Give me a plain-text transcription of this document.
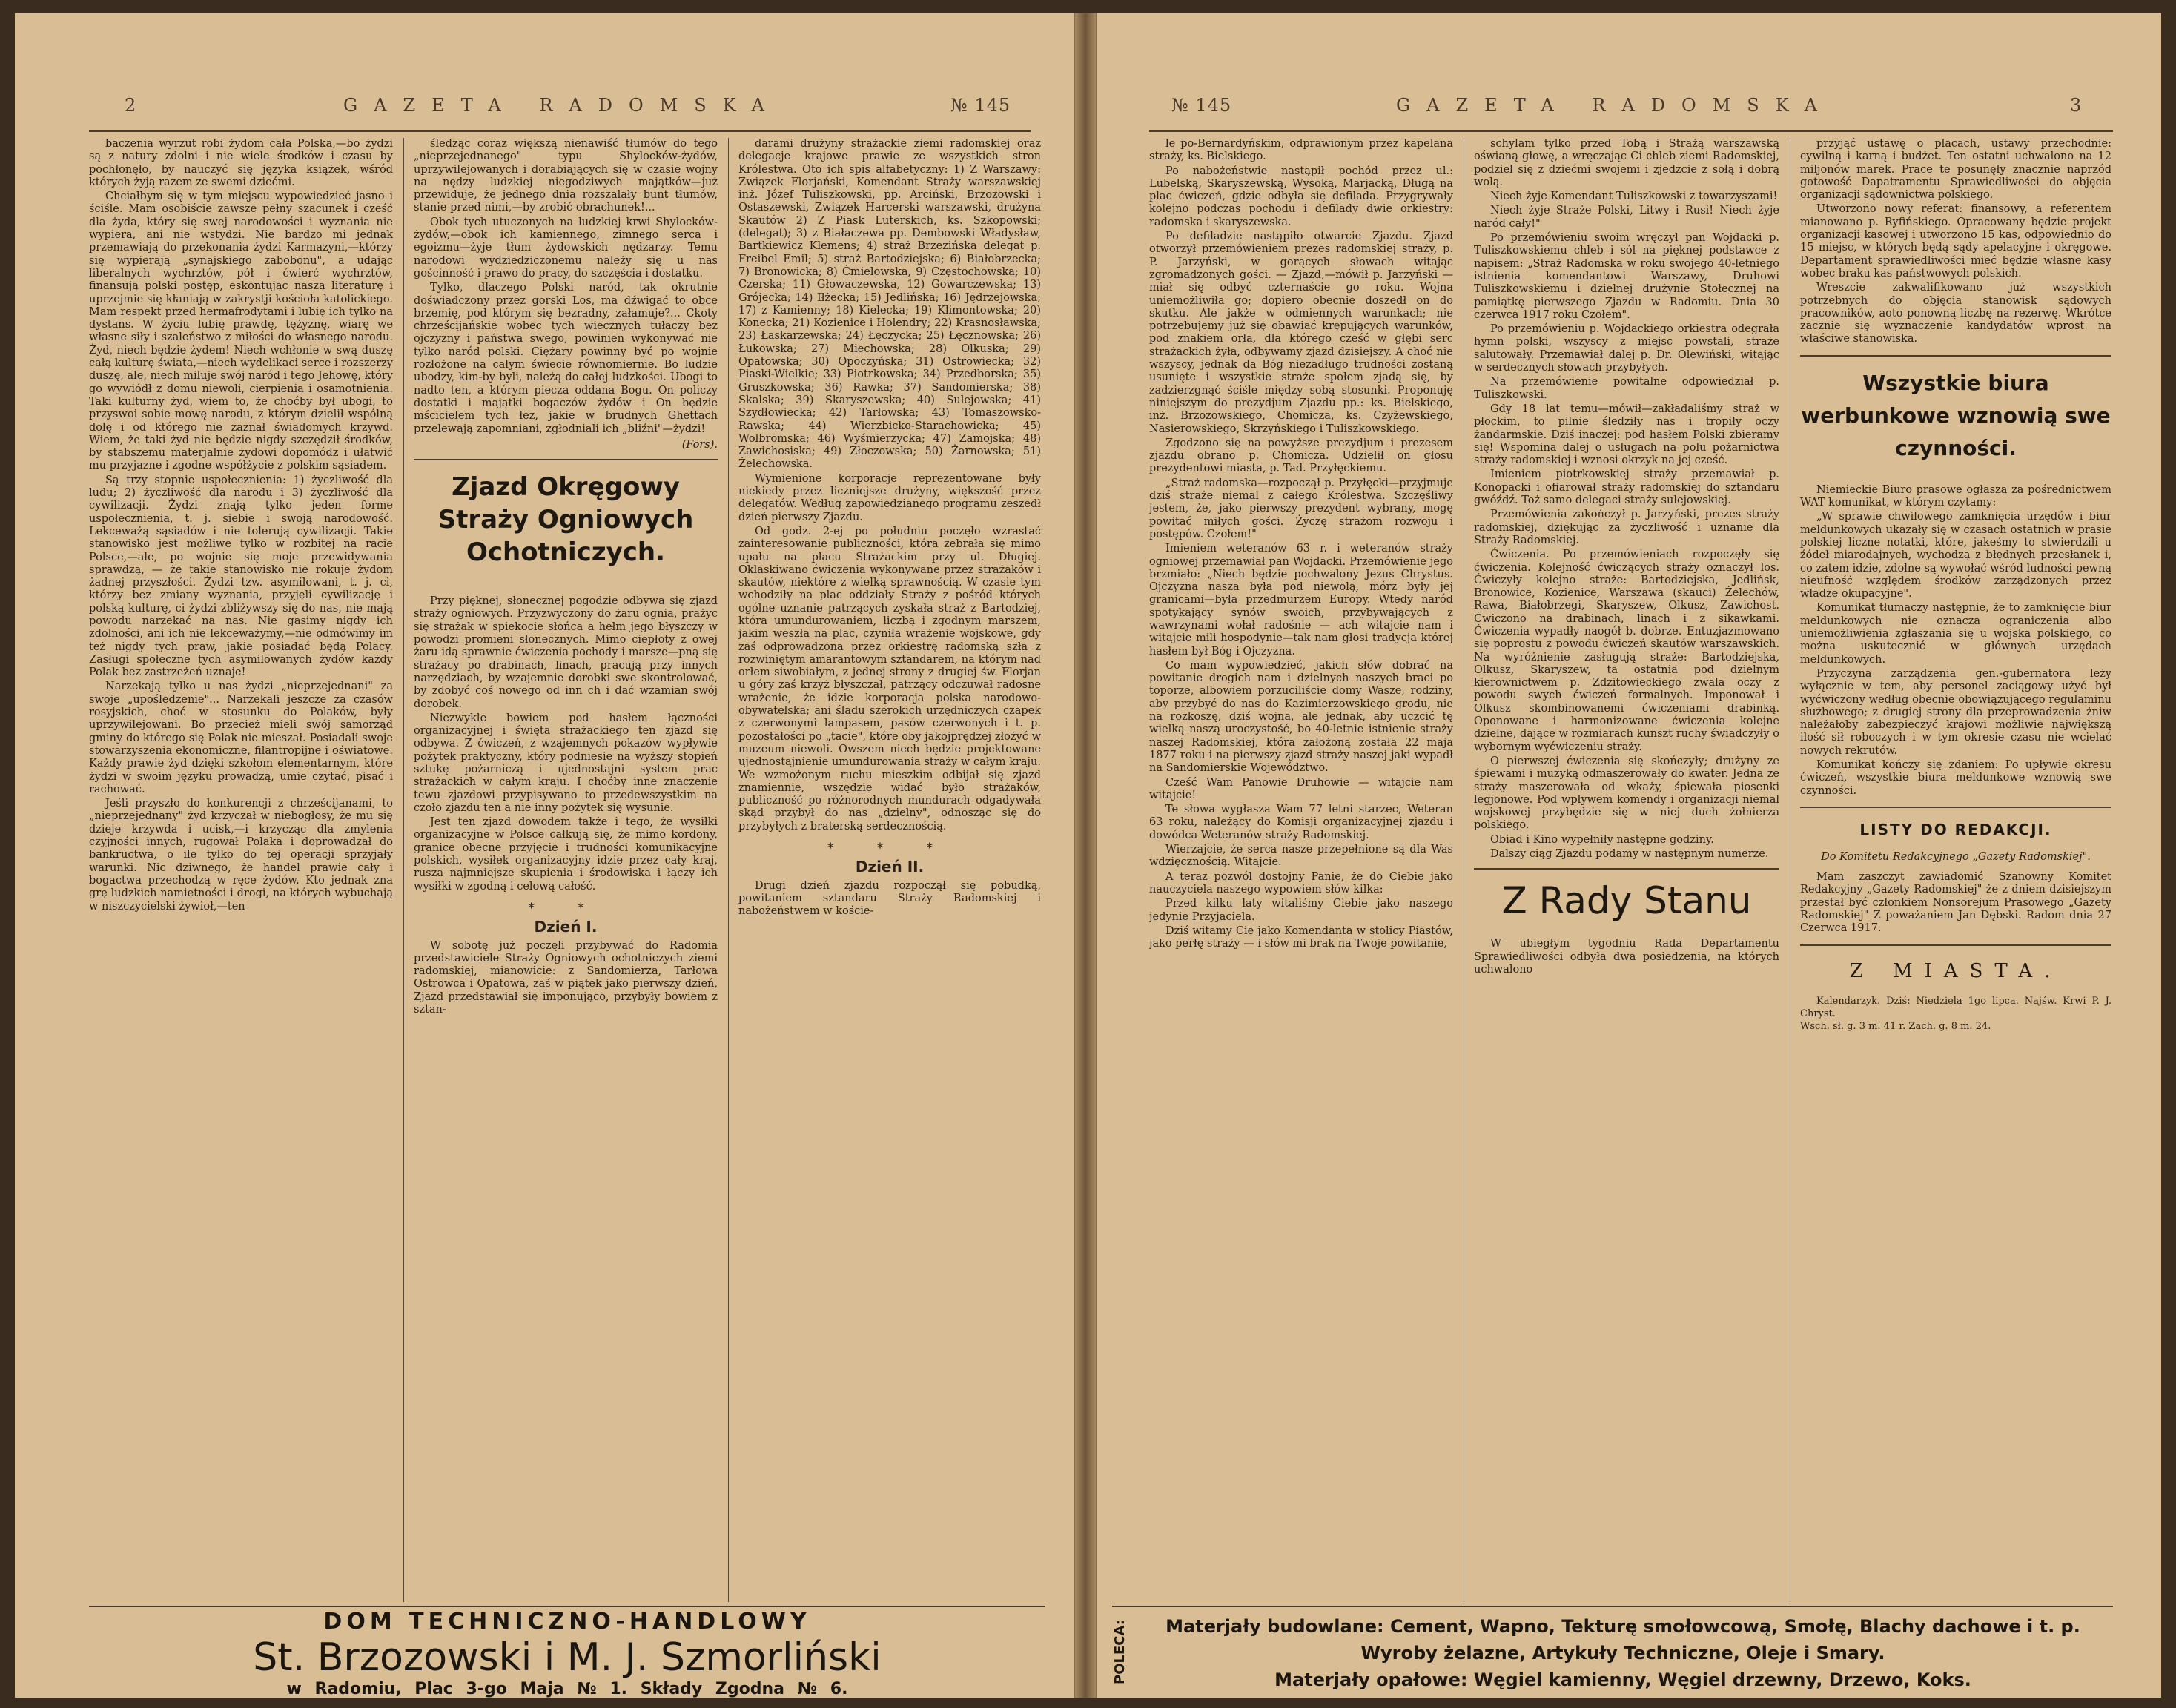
2	GAZETA RADOMSKA	№ 145

baczenia wyrzut robi żydom cała Polska,—bo żydzi są z natury zdolni i nie wiele środków i czasu by pochłonęło, by nauczyć się języka książek, wśród których żyją razem ze swemi dziećmi.

Chciałbym się w tym miejscu wypowiedzieć jasno i ściśle. Mam osobiście zawsze pełny szacunek i cześć dla żyda, który się swej narodowości i wyznania nie wypiera, ani nie wstydzi. Nie bardzo mi jednak przemawiają do przekonania żydzi Karmazyni,—którzy się wypierają „synajskiego zabobonu", a udając liberalnych wychrztów, pół i ćwierć wychrztów, finansują polski postęp, eskontując naszą literaturę i uprzejmie się kłaniają w zakrystji kościoła katolickiego. Mam respekt przed hermafrodytami i lubię ich tylko na dystans. W życiu lubię prawdę, tężyznę, wiarę we własne siły i szaleństwo z miłości do własnego narodu. Żyd, niech będzie żydem! Niech wchłonie w swą duszę całą kulturę świata,—niech wydelikaci serce i rozszerzy duszę, ale, niech miluje swój naród i tego Jehowę, który go wywiódł z domu niewoli, cierpienia i osamotnienia. Taki kulturny żyd, wiem to, że choćby był ubogi, to przyswoi sobie mowę narodu, z którym dzielił wspólną dolę i od którego nie zaznał świadomych krzywd. Wiem, że taki żyd nie będzie nigdy szczędził środków, by stabszemu materjalnie żydowi dopomódz i ułatwić mu przyjazne i zgodne współżycie z polskim sąsiadem.

Są trzy stopnie uspołecznienia: 1) życzliwość dla ludu; 2) życzliwość dla narodu i 3) życzliwość dla cywilizacji. Żydzi znają tylko jeden forme uspołecznienia, t. j. siebie i swoją narodowość. Lekceważą sąsiadów i nie tolerują cywilizacji. Takie stanowisko jest możliwe tylko w rozbitej na racie Polsce,—ale, po wojnie się moje przewidywania sprawdzą, — że takie stanowisko nie rokuje żydom żadnej przyszłości. Żydzi tzw. asymilowani, t. j. ci, którzy bez zmiany wyznania, przyjęli cywilizację i polską kulturę, ci żydzi zbliżywszy się do nas, nie mają powodu narzekać na nas. Nie gasimy nigdy ich zdolności, ani ich nie lekceważymy,—nie odmówimy im też nigdy tych praw, jakie posiadać będą Polacy. Zasługi społeczne tych asymilowanych żydów każdy Polak bez zastrzeżeń uznaje!

Narzekają tylko u nas żydzi „nieprzejednani" za swoje „upośledzenie"... Narzekali jeszcze za czasów rosyjskich, choć w stosunku do Polaków, były uprzywilejowani. Bo przecież mieli swój samorząd gminy do którego się Polak nie mieszał. Posiadali swoje stowarzyszenia ekonomiczne, filantropijne i oświatowe. Każdy prawie żyd dzięki szkołom elementarnym, które żydzi w swoim języku prowadzą, umie czytać, pisać i rachować.

Jeśli przyszło do konkurencji z chrześcijanami, to „nieprzejednany" żyd krzyczał w niebogłosy, że mu się dzieje krzywda i ucisk,—i krzycząc dla zmylenia czyjności innych, rugował Polaka i doprowadzał do bankructwa, o ile tylko do tej operacji sprzyjały warunki. Nic dziwnego, że handel prawie cały i bogactwa przechodzą w ręce żydów. Kto jednak zna grę ludzkich namiętności i drogi, na których wybuchają w niszczycielski żywioł,—ten

śledząc coraz większą nienawiść tłumów do tego „nieprzejednanego" typu Shylocków-żydów, uprzywilejowanych i dorabiających się w czasie wojny na nędzy ludzkiej niegodziwych majątków—już przewiduje, że jednego dnia rozszalały bunt tłumów, stanie przed nimi,—by zrobić obrachunek!...

Obok tych utuczonych na ludzkiej krwi Shylocków-żydów,—obok ich kamiennego, zimnego serca i egoizmu—żyje tłum żydowskich nędzarzy. Temu narodowi wydziedziczonemu należy się u nas gościnność i prawo do pracy, do szczęścia i dostatku.

Tylko, dlaczego Polski naród, tak okrutnie doświadczony przez gorski Los, ma dźwigać to obce brzemię, pod którym się bezradny, załamuje?... Ckoty chrześcijańskie wobec tych wiecznych tułaczy bez ojczyzny i państwa swego, powinien wykonywać nie tylko naród polski. Ciężary powinny być po wojnie rozłożone na całym świecie równomiernie. Bo ludzie ubodzy, kim-by byli, należą do całej ludzkości. Ubogi to nadto ten, a którym piecza oddana Bogu. On policzy dostatki i majątki bogaczów żydów i On będzie mścicielem tych łez, jakie w brudnych Ghettach przelewają zapomniani, zgłodniali ich „bliźni"—żydzi!

(Fors).
Zjazd Okręgowy Straży Ogniowych Ochotniczych.

Przy pięknej, słonecznej pogodzie odbywa się zjazd straży ogniowych. Przyzwyczony do żaru ognia, prażyc się strażak w spiekocie słońca a hełm jego błyszczy w powodzi promieni słonecznych. Mimo ciepłoty z owej żaru idą sprawnie ćwiczenia pochody i marsze—pną się strażacy po drabinach, linach, pracują przy innych narzędziach, by wzajemnie dorobki swe skontrolować, by zdobyć coś nowego od inn ch i dać wzamian swój dorobek.

Niezwykle bowiem pod hasłem łączności organizacyjnej i święta strażackiego ten zjazd się odbywa. Z ćwiczeń, z wzajemnych pokazów wypływie pożytek praktyczny, który podniesie na wyższy stopień sztukę pożarniczą i ujednostajni system prac strażackich w całym kraju. I choćby inne znaczenie tewu zjazdowi przypisywano to przedewszystkim na czoło zjazdu ten a nie inny pożytek się wysunie.

Jest ten zjazd dowodem także i tego, że wysiłki organizacyjne w Polsce całkują się, że mimo kordony, granice obecne przyjęcie i trudności komunikacyjne polskich, wysiłek organizacyjny idzie przez cały kraj, rusza najmniejsze skupienia i środowiska i łączy ich wysiłki w zgodną i celową całość.

* *
Dzień I.

W sobotę już poczęli przybywać do Radomia przedstawiciele Straży Ogniowych ochotniczych ziemi radomskiej, mianowicie: z Sandomierza, Tarłowa Ostrowca i Opatowa, zaś w piątek jako pierwszy dzień, Zjazd przedstawiał się imponująco, przybyły bowiem z sztan-

darami drużyny strażackie ziemi radomskiej oraz delegacje krajowe prawie ze wszystkich stron Królestwa. Oto ich spis alfabetyczny: 1) Z Warszawy: Związek Florjański, Komendant Straży warszawskiej inż. Józef Tuliszkowski, pp. Arciński, Brzozowski i Ostaszewski, Związek Harcerski warszawski, drużyna Skautów 2) Z Piask Luterskich, ks. Szkopowski; (delegat); 3) z Białaczewa pp. Dembowski Władysław, Bartkiewicz Klemens; 4) straż Brzezińska delegat p. Freibel Emil; 5) straż Bartodziejska; 6) Białobrzecka; 7) Bronowicka; 8) Ćmielowska, 9) Częstochowska; 10) Czerska; 11) Głowaczewska, 12) Gowarczewska; 13) Grójecka; 14) Iłżecka; 15) Jedlińska; 16) Jędrzejowska; 17) z Kamienny; 18) Kielecka; 19) Klimontowska; 20) Konecka; 21) Kozienice i Holendry; 22) Krasnosławska; 23) Łaskarzewska; 24) Łęczycka; 25) Łęcznowska; 26) Łukowska; 27) Miechowska; 28) Olkuska; 29) Opatowska; 30) Opoczyńska; 31) Ostrowiecka; 32) Piaski-Wielkie; 33) Piotrkowska; 34) Przedborska; 35) Gruszkowska; 36) Rawka; 37) Sandomierska; 38) Skalska; 39) Skaryszewska; 40) Sulejowska; 41) Szydłowiecka; 42) Tarłowska; 43) Tomaszowsko-Rawska; 44) Wierzbicko-Starachowicka; 45) Wolbromska; 46) Wyśmierzycka; 47) Zamojska; 48) Zawichosiska; 49) Złoczowska; 50) Żarnowska; 51) Żelechowska.

Wymienione korporacje reprezentowane były niekiedy przez liczniejsze drużyny, większość przez delegatów. Według zapowiedzianego programu zeszedł dzień pierwszy Zjazdu.

Od godz. 2-ej po południu poczęło wzrastać zainteresowanie publiczności, która zebrała się mimo upału na placu Strażackim przy ul. Długiej. Oklaskiwano ćwiczenia wykonywane przez strażaków i skautów, niektóre z wielką sprawnością. W czasie tym wchodziły na plac oddziały Straży z pośród których ogólne uznanie patrzących zyskała straż z Bartodziej, która umundurowaniem, liczbą i zgodnym marszem, jakim weszła na plac, czyniła wrażenie wojskowe, gdy zaś odprowadzona przez orkiestrę radomską szła z rozwiniętym amarantowym sztandarem, na którym nad orłem siwobiałym, z jednej strony z drugiej św. Florjan u góry zaś krzyż błyszczał, patrzący odczuwał radosne wrażenie, że idzie korporacja polska narodowo-obywatelska; ani śladu szerokich urzędniczych czapek z czerwonymi lampasem, pasów czerwonych i t. p. pozostałości po „tacie", które oby jakojprędzej złożyć w muzeum niewoli. Owszem niech będzie projektowane ujednostajnienie umundurowania straży w całym kraju. We wzmożonym ruchu mieszkim odbijał się zjazd znamiennie, wszędzie widać było strażaków, publiczność po różnorodnych mundurach odgadywała skąd przybył do nas „dzielny", odnosząc się do przybyłych z braterską serdecznością.

* * *
Dzień II.

Drugi dzień zjazdu rozpoczął się pobudką, powitaniem sztandaru Straży Radomskiej i nabożeństwem w koście-

DOM TECHNICZNO-HANDLOWY
St. Brzozowski i M. J. Szmorliński
w Radomiu, Plac 3-go Maja № 1. Składy Zgodna № 6.
№ 145	GAZETA RADOMSKA	3

le po-Bernardyńskim, odprawionym przez kapelana straży, ks. Bielskiego.

Po nabożeństwie nastąpił pochód przez ul.: Lubelską, Skaryszewską, Wysoką, Marjacką, Długą na plac ćwiczeń, gdzie odbyła się defilada. Przygrywały kolejno podczas pochodu i defilady dwie orkiestry: radomska i skaryszewska.

Po defiladzie nastąpiło otwarcie Zjazdu. Zjazd otworzył przemówieniem prezes radomskiej straży, p. P. Jarzyński, w gorących słowach witając zgromadzonych gości. — Zjazd,—mówił p. Jarzyński — miał się odbyć czternaście go roku. Wojna uniemożliwiła go; dopiero obecnie doszedł on do skutku. Ale jakże w odmiennych warunkach; nie potrzebujemy już się obawiać krępujących warunków, pod znakiem orła, dla którego cześć w głębi serc strażackich żyła, odbywamy zjazd dzisiejszy. A choć nie wszyscy, jednak da Bóg niezadługo trudności zostaną usunięte i wszystkie straże społem zjadą się, by zadzierzgnąć ściśle między sobą stosunki. Proponuję niniejszym do prezydjum Zjazdu pp.: ks. Bielskiego, inż. Brzozowskiego, Chomicza, ks. Czyżewskiego, Nasierowskiego, Skrzyńskiego i Tuliszkowskiego.

Zgodzono się na powyższe prezydjum i prezesem zjazdu obrano p. Chomicza. Udzielił on głosu prezydentowi miasta, p. Tad. Przyłęckiemu.

„Straż radomska—rozpoczął p. Przyłęcki—przyjmuje dziś straże niemal z całego Królestwa. Szczęśliwy jestem, że, jako pierwszy prezydent wybrany, mogę powitać miłych gości. Życzę strażom rozwoju i postępów. Czołem!"

Imieniem weteranów 63 r. i weteranów straży ogniowej przemawiał pan Wojdacki. Przemówienie jego brzmiało: „Niech będzie pochwalony Jezus Chrystus. Ojczyzna nasza była pod niewolą, mórz były jej granicami—była przedmurzem Europy. Wtedy naród spotykający synów swoich, przybywających z wawrzynami wołał radośnie — ach witajcie nam i witajcie mili hospodynie—tak nam głosi tradycja której hasłem był Bóg i Ojczyzna.

Co mam wypowiedzieć, jakich słów dobrać na powitanie drogich nam i dzielnych naszych braci po toporze, albowiem porzuciliście domy Wasze, rodziny, aby przybyć do nas do Kazimierzowskiego grodu, nie na rozkoszę, dziś wojna, ale jednak, aby uczcić tę wielką naszą uroczystość, bo 40-letnie istnienie straży naszej Radomskiej, która założoną została 22 maja 1877 roku i na pierwszy zjazd straży naszej jaki wypadł na Sandomierskie Województwo.

Cześć Wam Panowie Druhowie — witajcie nam witajcie!

Te słowa wygłasza Wam 77 letni starzec, Weteran 63 roku, należący do Komisji organizacyjnej zjazdu i dowódca Weteranów straży Radomskiej.

Wierzajcie, że serca nasze przepełnione są dla Was wdzięcznością. Witajcie.

A teraz pozwól dostojny Panie, że do Ciebie jako nauczyciela naszego wypowiem słów kilka:

Przed kilku laty witaliśmy Ciebie jako naszego jedynie Przyjaciela.

Dziś witamy Cię jako Komendanta w stolicy Piastów, jako perłę straży — i słów mi brak na Twoje powitanie,

schylam tylko przed Tobą i Strażą warszawską oświaną głowę, a wręczając Ci chleb ziemi Radomskiej, podziel się z dziećmi swojemi i zjedzcie z sołą i dobrą wolą.

Niech żyje Komendant Tuliszkowski z towarzyszami!

Niech żyje Straże Polski, Litwy i Rusi! Niech żyje naród cały!"

Po przemówieniu swoim wręczył pan Wojdacki p. Tuliszkowskiemu chleb i sól na pięknej podstawce z napisem: „Straż Radomska w roku swojego 40-letniego istnienia komendantowi Warszawy, Druhowi Tuliszkowskiemu i dzielnej drużynie Stołecznej na pamiątkę pierwszego Zjazdu w Radomiu. Dnia 30 czerwca 1917 roku Czołem".

Po przemówieniu p. Wojdackiego orkiestra odegrała hymn polski, wszyscy z miejsc powstali, straże salutowały. Przemawiał dalej p. Dr. Olewiński, witając w serdecznych słowach przybyłych.

Na przemówienie powitalne odpowiedział p. Tuliszkowski.

Gdy 18 lat temu—mówił—zakładaliśmy straż w płockim, to pilnie śledziły nas i tropiły oczy żandarmskie. Dziś inaczej: pod hasłem Polski zbieramy się! Wspomina dalej o usługach na polu pożarnictwa straży radomskiej i wznosi okrzyk na jej cześć.

Imieniem piotrkowskiej straży przemawiał p. Konopacki i ofiarował straży radomskiej do sztandaru gwóźdź. Toż samo delegaci straży sulejowskiej.

Przemówienia zakończył p. Jarzyński, prezes straży radomskiej, dziękując za życzliwość i uznanie dla Straży Radomskiej.

Ćwiczenia. Po przemówieniach rozpoczęły się ćwiczenia. Kolejność ćwiczących straży oznaczył los. Ćwiczyły kolejno straże: Bartodziejska, Jedlińsk, Bronowice, Kozienice, Warszawa (skauci) Żelechów, Rawa, Białobrzegi, Skaryszew, Olkusz, Zawichost. Ćwiczono na drabinach, linach i z sikawkami. Ćwiczenia wypadły naogół b. dobrze. Entuzjazmowano się poprostu z powodu ćwiczeń skautów warszawskich. Na wyróżnienie zasługują straże: Bartodziejska, Olkusz, Skaryszew, ta ostatnia pod dzielnym kierownictwem p. Zdzitowieckiego zwala oczy z powodu swych ćwiczeń formalnych. Imponował i Olkusz skombinowanemi ćwiczeniami drabinką. Oponowane i harmonizowane ćwiczenia kolejne dzielne, dające w rozmiarach kunszt ruchy świadczyły o wybornym wyćwiczeniu straży.

O pierwszej ćwiczenia się skończyły; drużyny ze śpiewami i muzyką odmaszerowały do kwater. Jedna ze straży maszerowała od wkaży, śpiewała piosenki legjonowe. Pod wpływem komendy i organizacji niemal wojskowej przybędzie się w niej duch żołnierza polskiego.

Obiad i Kino wypełniły następne godziny.

Dalszy ciąg Zjazdu podamy w następnym numerze.

Z Rady Stanu

W ubiegłym tygodniu Rada Departamentu Sprawiedliwości odbyła dwa posiedzenia, na których uchwalono

przyjąć ustawę o placach, ustawy przechodnie: cywilną i karną i budżet. Ten ostatni uchwalono na 12 miljonów marek. Prace te posunęły znacznie naprzód gotowość Dapatramentu Sprawiedliwości do objęcia organizacji sądownictwa polskiego.

Utworzono nowy referat: finansowy, a referentem mianowano p. Ryfińskiego. Opracowany będzie projekt organizacji kasowej i utworzono 15 kas, odpowiednio do 15 miejsc, w których będą sądy apelacyjne i okręgowe. Departament sprawiedliwości mieć będzie własne kasy wobec braku kas państwowych polskich.

Wreszcie zakwalifikowano już wszystkich potrzebnych do objęcia stanowisk sądowych pracowników, aoto ponowną liczbę na rezerwę. Wkrótce zacznie się wyznaczenie kandydatów wprost na właściwe stanowiska.

Wszystkie biura werbunkowe wznowią swe czynności.

Niemieckie Biuro prasowe ogłasza za pośrednictwem WAT komunikat, w którym czytamy:

„W sprawie chwilowego zamknięcia urzędów i biur meldunkowych ukazały się w czasach ostatnich w prasie polskiej liczne notatki, które, jakeśmy to stwierdzili u źódeł miarodajnych, wychodzą z błędnych przesłanek i, co zatem idzie, zdolne są wywołać wśród ludności pewną nieufność względem środków zarządzonych przez władze okupacyjne".

Komunikat tłumaczy następnie, że to zamknięcie biur meldunkowych nie oznacza ograniczenia albo uniemożliwienia zgłaszania się u wojska polskiego, co można uskutecznić w głównych urzędach meldunkowych.

Przyczyna zarządzenia gen.-gubernatora leży wyłącznie w tem, aby personel zaciągowy użyć był wyćwiczony według obecnie obowiązującego regulaminu służbowego; z drugiej strony dla przeprowadzenia żniw należałoby zabezpieczyć krajowi możliwie największą ilość sił roboczych i w tym okresie czasu nie wcielać nowych rekrutów.

Komunikat kończy się zdaniem: Po upływie okresu ćwiczeń, wszystkie biura meldunkowe wznowią swe czynności.

LISTY DO REDAKCJI.
Do Komitetu Redakcyjnego „Gazety Radomskiej".

Mam zaszczyt zawiadomić Szanowny Komitet Redakcyjny „Gazety Radomskiej" że z dniem dzisiejszym przestał być członkiem Nonsorejum Prasowego „Gazety Radomskiej" Z poważaniem Jan Dębski. Radom dnia 27 Czerwca 1917.

Z MIASTA.
Kalendarzyk. Dziś: Niedziela 1go lipca. Najśw. Krwi P. J. Chryst.
Wsch. sł. g. 3 m. 41 r. Zach. g. 8 m. 24.
POLECA:	Materjały budowlane: Cement, Wapno, Tekturę smołowcową, Smołę, Blachy dachowe i t. p.
Wyroby żelazne, Artykuły Techniczne, Oleje i Smary.
Materjały opałowe: Węgiel kamienny, Węgiel drzewny, Drzewo, Koks.
